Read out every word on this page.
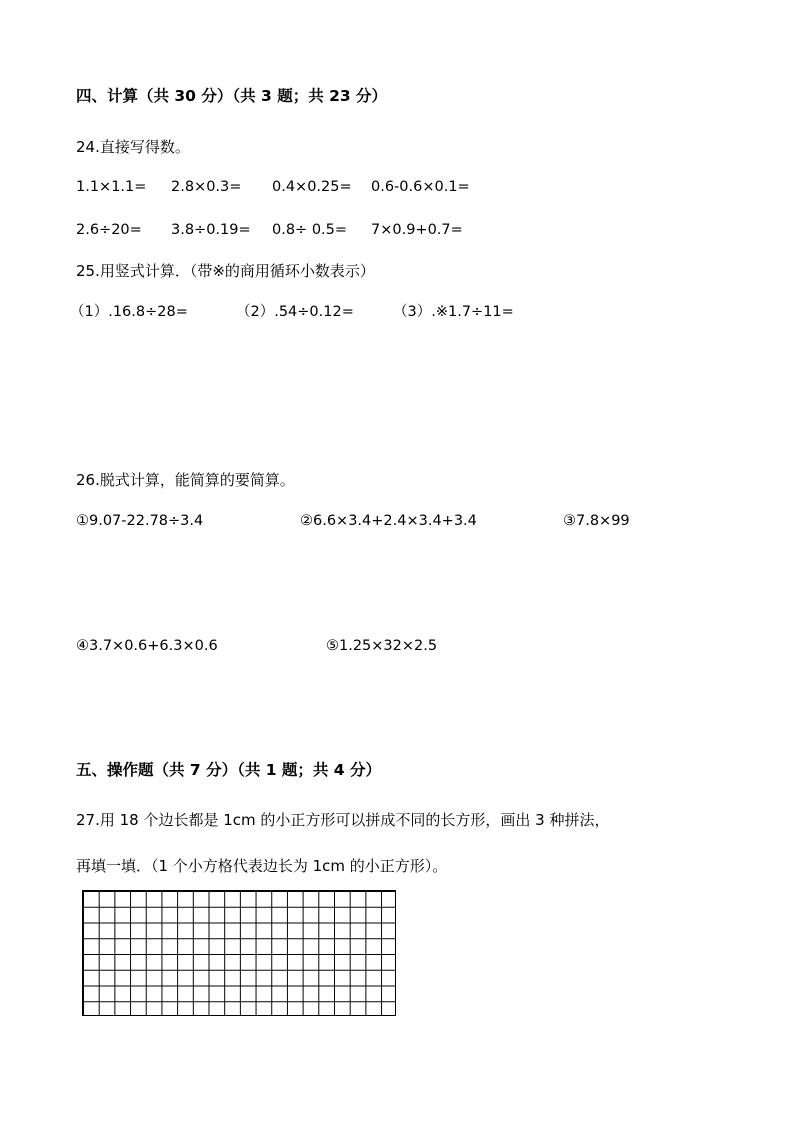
四、计算（共 30 分）（共 3 题；共 23 分）
24.直接写得数。
1.1×1.1= 2.8×0.3= 0.4×0.25= 0.6-0.6×0.1=
2.6÷20= 3.8÷0.19= 0.8÷ 0.5= 7×0.9+0.7=
25.用竖式计算．（带※的商用循环小数表示）
（1）.16.8÷28=	（2）.54÷0.12=	（3）.※1.7÷11=
26.脱式计算，能简算的要简算。
①9.07-22.78÷3.4	②6.6×3.4+2.4×3.4+3.4	③7.8×99
④3.7×0.6+6.3×0.6	⑤1.25×32×2.5
五、操作题（共 7 分）（共 1 题；共 4 分）
27.用 18 个边长都是 1cm 的小正方形可以拼成不同的长方形，画出 3 种拼法，
再填一填．（1 个小方格代表边长为 1cm 的小正方形）。
